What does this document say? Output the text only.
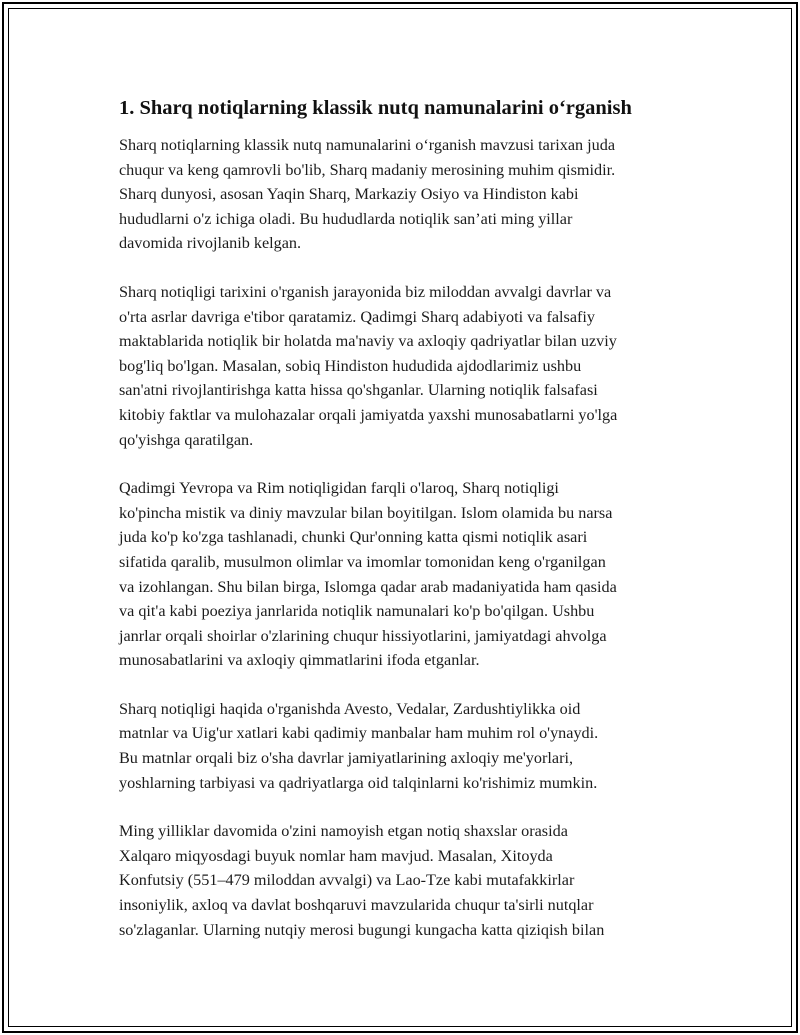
1. Sharq notiqlarning klassik nutq namunalarini o‘rganish

Sharq notiqlarning klassik nutq namunalarini o‘rganish mavzusi tarixan juda
chuqur va keng qamrovli bo'lib, Sharq madaniy merosining muhim qismidir.
Sharq dunyosi, asosan Yaqin Sharq, Markaziy Osiyo va Hindiston kabi
hududlarni o'z ichiga oladi. Bu hududlarda notiqlik san’ati ming yillar
davomida rivojlanib kelgan.

Sharq notiqligi tarixini o'rganish jarayonida biz miloddan avvalgi davrlar va
o'rta asrlar davriga e'tibor qaratamiz. Qadimgi Sharq adabiyoti va falsafiy
maktablarida notiqlik bir holatda ma'naviy va axloqiy qadriyatlar bilan uzviy
bog'liq bo'lgan. Masalan, sobiq Hindiston hududida ajdodlarimiz ushbu
san'atni rivojlantirishga katta hissa qo'shganlar. Ularning notiqlik falsafasi
kitobiy faktlar va mulohazalar orqali jamiyatda yaxshi munosabatlarni yo'lga
qo'yishga qaratilgan.

Qadimgi Yevropa va Rim notiqligidan farqli o'laroq, Sharq notiqligi
ko'pincha mistik va diniy mavzular bilan boyitilgan. Islom olamida bu narsa
juda ko'p ko'zga tashlanadi, chunki Qur'onning katta qismi notiqlik asari
sifatida qaralib, musulmon olimlar va imomlar tomonidan keng o'rganilgan
va izohlangan. Shu bilan birga, Islomga qadar arab madaniyatida ham qasida
va qit'a kabi poeziya janrlarida notiqlik namunalari ko'p bo'qilgan. Ushbu
janrlar orqali shoirlar o'zlarining chuqur hissiyotlarini, jamiyatdagi ahvolga
munosabatlarini va axloqiy qimmatlarini ifoda etganlar.

Sharq notiqligi haqida o'rganishda Avesto, Vedalar, Zardushtiylikka oid
matnlar va Uig'ur xatlari kabi qadimiy manbalar ham muhim rol o'ynaydi.
Bu matnlar orqali biz o'sha davrlar jamiyatlarining axloqiy me'yorlari,
yoshlarning tarbiyasi va qadriyatlarga oid talqinlarni ko'rishimiz mumkin.

Ming yilliklar davomida o'zini namoyish etgan notiq shaxslar orasida
Xalqaro miqyosdagi buyuk nomlar ham mavjud. Masalan, Xitoyda
Konfutsiy (551–479 miloddan avvalgi) va Lao-Tze kabi mutafakkirlar
insoniylik, axloq va davlat boshqaruvi mavzularida chuqur ta'sirli nutqlar
so'zlaganlar. Ularning nutqiy merosi bugungi kungacha katta qiziqish bilan
